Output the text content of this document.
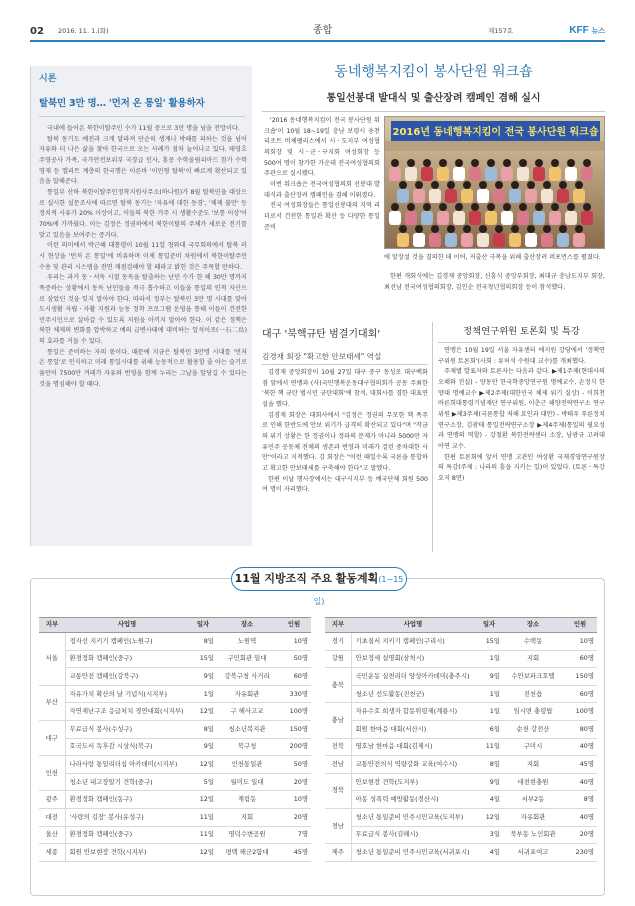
02 2016. 11. 1.(화)	종합	제157호	KFF 뉴스
시론
탈북민 3만 명… '먼저 온 통일' 활용하자

국내에 들어온 북한이탈주민 수가 11월 중으로 3만 명을 넘을 전망이다.

탈북 동기도 예전과 크게 달라져 단순히 생계나 박해를 피하는 것을 넘어 자유와 더 나은 삶을 찾아 한국으로 오는 사례가 점차 늘어나고 있다. 태영호 주영공사 가족, 국가안전보위부 국장급 인사, 홍콩 수학올림피아드 참가 수학영재 등 엘리트 계층의 한국행은 이른바 '이민형 탈북'이 빠르게 확산되고 있음을 말해준다.

통일부 산하 북한이탈주민정착지원사무소(하나원)가 8월 탈북민을 대상으로 실시한 설문조사에 따르면 탈북 동기는 '자유에 대한 동경', '체제 불만' 등 정치적 사유가 20% 이상이고, 이들의 북한 거주 시 생활수준도 '보통 이상'이 70%에 가까웠다. 이는 김정은 정권하에서 북한이탈의 주체가 새로운 전기를 맞고 있음을 보여주는 증거다.

이런 의미에서 박근혜 대통령이 10월 11일 청와대 국무회의에서 탈북 러시 현상을 '먼저 온 통일'에 비유하며 이제 통일준비 차원에서 북한이탈주민 수용 및 관리 시스템을 전면 재점검해야 할 때라고 밝힌 것은 주목할 만하다.

우리는 과거 동ㆍ서독 시절 동독을 탈출하는 난민 수가 한 해 30만 명까지 폭증하는 상황에서 동독 난민들을 적극 흡수하고 이들을 통일의 인적 자산으로 삼았던 것을 잊지 말아야 한다. 따라서 정부는 탈북민 3만 명 시대를 맞아 도시생활 자립ㆍ자활 지원과 능동 정착 프로그램 운영을 통해 이들이 건전한 민주시민으로 살아갈 수 있도록 지원을 아끼지 말아야 한다. 이 같은 정책은 북한 체제의 변화를 압박하고 예의 급변사태에 대비하는 일석이조(一石二鳥)의 효과를 거둘 수 있다.

통일은 준비하는 자의 몫이다. 때문에 지금은 탈북민 3만명 시대를 '먼저 온 통일'로 인식하고 미래 통일시대를 위해 능동적으로 활용할 줄 아는 슬기로움만이 7500만 겨레가 자유와 번영을 함께 누리는 그날을 앞당길 수 있다는 것을 명심해야 할 때다.

동네행복지킴이 봉사단원 워크숍
통일선봉대 발대식 및 출산장려 캠페인 겸해 실시

'2016 동네행복지킴이 전국 봉사단원 워크숍'이 10월 18~19일 충남 보령시 웅천리조트 비체팰리스에서 시ㆍ도지부 여성협의회장 및 시ㆍ군ㆍ구지회 여성회장 등 500여 명이 참가한 가운데 전국여성협의회 주관으로 실시됐다.

이번 워크숍은 전국여성협의회 선봉대 발대식과 출산장려 캠페인을 겸해 이뤄졌다.

전국 여성회장들은 통일선봉대의 지역 리더로서 건전한 통일관 확산 등 다양한 통일준비

2016년 동네행복지킴이 전국 봉사단원 워크숍
에 앞장설 것을 결의한 데 이어, 저출산 극복을 위해 출산장려 퍼포먼스를 펼쳤다.
한편 개회식에는 김경재 중앙회장, 신흥식 중앙부회장, 최대규 충남도지부 회장, 최선남 전국여성협의회장, 김인순 전국청년협의회장 등이 참석했다.
대구 '북핵규탄 범결기대회'
김경재 회장 "확고한 안보태세" 역설

김경재 중앙회장이 10월 27일 대구 중구 동성로 대구백화점 앞에서 연맹과 (사)국민행복운동대구협의회가 공동 주최한 '북한 핵 규탄 범시민 규탄대회'에 참석, 대회사를 겸한 대표연설을 했다.

김경재 회장은 대회사에서 "김정은 정권의 무모한 핵 폭주로 인해 한반도에 안보 위기가 급격히 확산되고 있다"며 "작금의 위기 상황은 한 정권이나 정파의 문제가 아니라 5000만 자유민주 공동체 전체의 생존과 번영과 미래가 걸린 중차대한 사안"이라고 지적했다. 김 회장은 "이런 때일수록 국론을 통합하고 확고한 안보태세를 구축해야 한다"고 말했다.

한편 이날 행사장에서는 대구시지부 등 예국단체 회원 500여 명이 자리했다.

정책연구위원 토론회 및 특강

연맹은 10월 19일 서울 자유센터 에지원 강당에서 '정책연구위원 토론회'(사회 : 류허석 수원대 교수)를 개최했다.

주제별 발표자와 토론자는 다음과 같다. ▶제1주제(현대사의 오해와 진실) - 양동안 한국학중앙연구원 명예교수, 손정식 한양대 명예교수 ▶제2주제(대한민국 체제 위기 실상) - 이희천 바른희대통령기념재단 연구위원, 이춘근 해양전략연구소 연구위원 ▶제3주제(국론통합 저해 요인과 대안) - 박태우 푸른정치연구소장, 김광태 통일전략연구소장 ▶제4주제(통일의 필요성과 연맹의 역할) - 강철환 북한전략센터 소장, 남광규 고려대 아연 교수.

한편 토론회에 앞서 연맹 고관인 여상환 국제경영연구원장의 특강(주제 : 나라의 흥을 지키는 일)이 있었다. (토론ㆍ특강 요지 8면)

11월 지방조직 주요 활동계획(1~15일)
지부	사업명	일자	장소	인원
서울	정자선 지키기 캠페인(노원구)	8일	노원역	10명
	환경정화 캠페인(중구)	15일	구민회관 일대	50명
	교통안전 캠페인(강북구)	9일	강북구청 사거리	60명
부산	자유가치 확산의 날 기념식(시지부)	1일	자유회관	330명
	자연재난구조 응급처치 경연대회(시지부)	12일	구 해사고교	100명
대구	무료급식 봉사(수성구)	8일	청소년복지관	150명
	호국도서 독후감 시상식(북구)	9일	북구청	200명
인천	나라사랑 통일리더십 아카데미(시지부)	12일	인천통일관	50명
	청소년 내고장알기 견학(중구)	5일	월미도 일대	20명
광주	환경정화 캠페인(동구)	12일	계림동	10명
대전	'사랑의 김장' 봉사(유성구)	11일	지회	20명
울산	환경정화 캠페인(중구)	11일	명덕수변공원	7명
세종	회원 안보현장 견학(시지부)	12일	평택 해군2함대	45명
지부	사업명	일자	장소	인원
경기	기초질서 지키기 캠페인(구리시)	15일	수택동	10명
강원	안보정세 설명회(삼척시)	1일	지회	60명
충북	국민운동 실천리더 양성아카데미(충주시)	9일	수안보파크호텔	150명
	청소년 선도활동(진천군)	1일	진천읍	60명
충남	자유수호 희생자 합동위령제(계룡시)	1일	임시면 충령탑	100명
	회원 한마음 대회(서산시)	6일	순천 강전산	80명
전북	영호남 한마음 대회(김제시)	11일	구미시	40명
전남	교통안전의식 역량강화 교육(여수시)	8일	지회	45명
경북	안보현장 견학(도지부)	9일	대전현충원	40명
	아동 성폭력 예방활동(경산시)	4일	서부2동	8명
경남	청소년 통일준비 민주시민교육(도지부)	12일	자유회관	40명
	무료급식 봉사(김해시)	3일	북부동 노인회관	20명
제주	청소년 통일준비 민주시민교육(서귀포시)	4일	서귀포여고	230명
